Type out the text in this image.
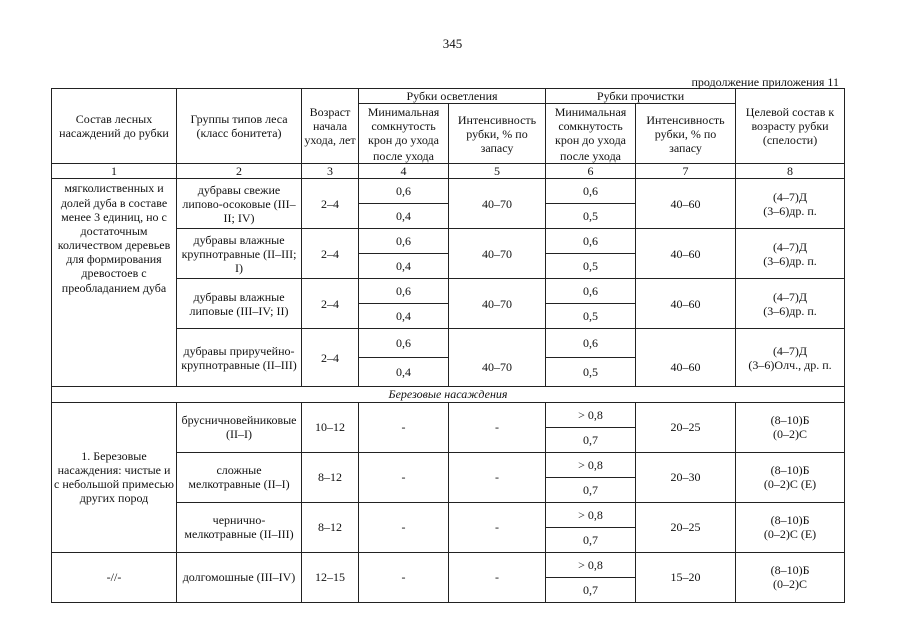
345
продолжение приложения 11
Состав лесных насаждений до рубки	Группы типов леса (класс бонитета)	Возраст начала ухода, лет	Рубки осветления		Рубки прочистки		Целевой состав к возрасту рубки (спелости)
			Минимальная сомкнутость крон до ухода	Интенсивность рубки, % по запасу	Минимальная сомкнутость крон до ухода	Интенсивность рубки, % по запасу	
			после ухода		после ухода		
1	2	3	4	5	6	7	8
мягколиственных и долей дуба в составе менее 3 единиц, но с достаточным количеством деревьев для формирования древостоев с преобладанием дуба	дубравы свежие липово-осоковые (III–II; IV)	2–4	0,6	40–70	0,6	40–60	(4–7)Д
(3–6)др. п.

			0,4		0,5		
	дубравы влажные крупнотравные (II–III; I)	2–4	0,6	40–70	0,6	40–60	(4–7)Д
(3–6)др. п.

			0,4		0,5		
	дубравы влажные липовые (III–IV; II)	2–4	0,6	40–70	0,6	40–60	(4–7)Д
(3–6)др. п.

			0,4		0,5		
	дубравы приручейно-крупнотравные (II–III)	2–4	0,6	40–70	0,6	40–60	(4–7)Д
(3–6)Олч., др. п.

			0,4		0,5		
Березовые насаждения							
1. Березовые насаждения: чистые и с небольшой примесью других пород	брусничновейниковые (II–I)	10–12	-	-	> 0,8	20–25	(8–10)Б
(0–2)С

					0,7		
	сложные мелкотравные (II–I)	8–12	-	-	> 0,8	20–30	(8–10)Б
(0–2)С (Е)

					0,7		
	чернично-мелкотравные (II–III)	8–12	-	-	> 0,8	20–25	(8–10)Б
(0–2)С (Е)

					0,7		
-//-	долгомошные (III–IV)	12–15	-	-	> 0,8	15–20	(8–10)Б
(0–2)С

					0,7		
